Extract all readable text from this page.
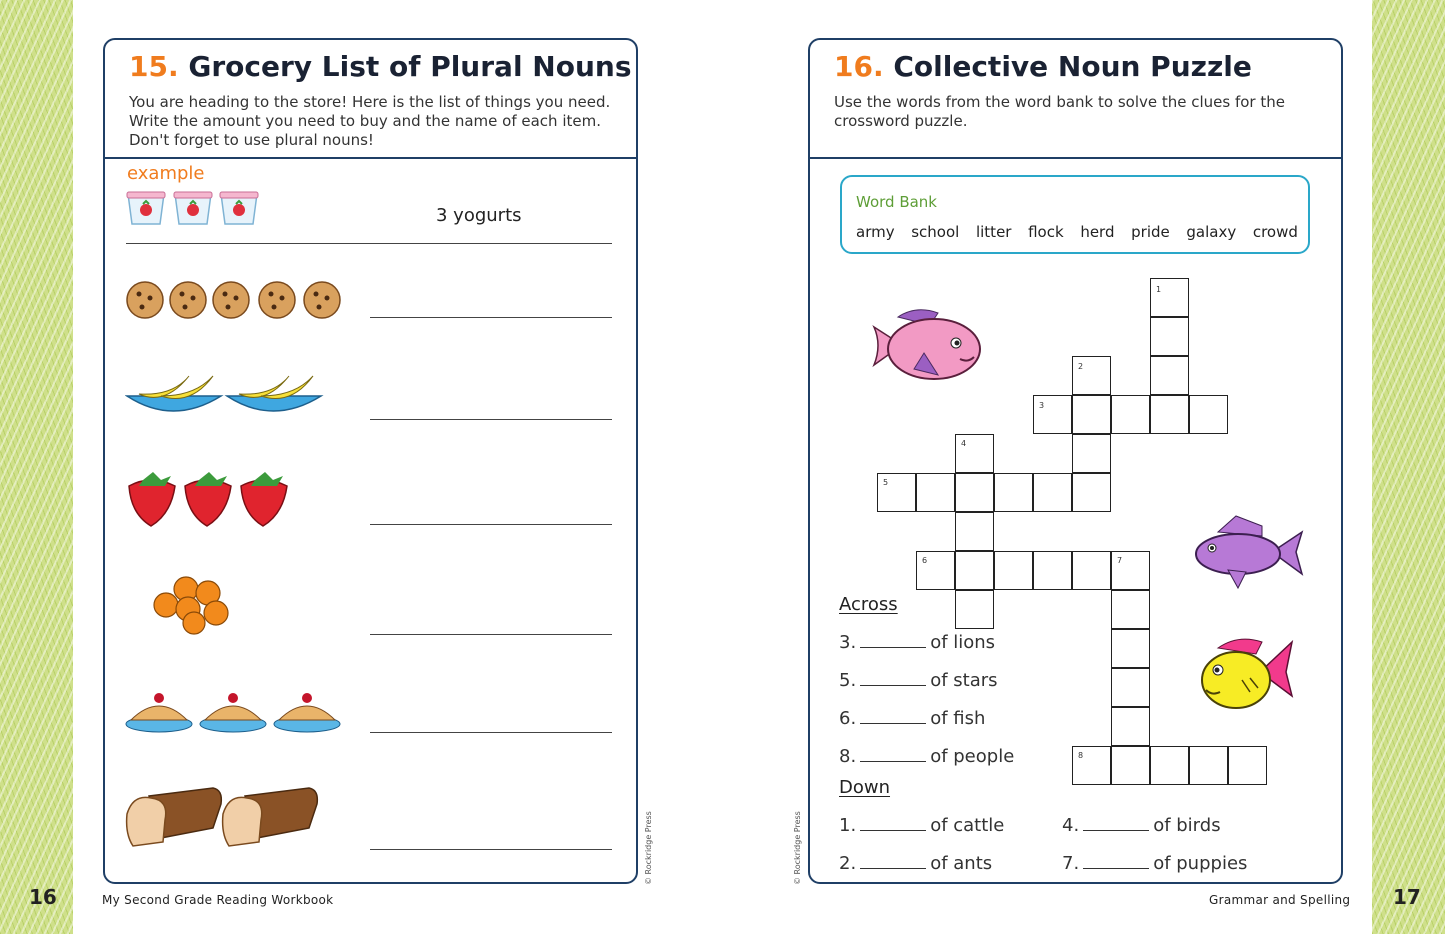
16	My Second Grade Reading Workbook	Grammar and Spelling 17
© Rockridge Press	© Rockridge Press
15. Grocery List of Plural Nouns
You are heading to the store! Here is the list of things you need. Write the amount you need to buy and the name of each item. Don't forget to use plural nouns!
example
3 yogurts
16. Collective Noun Puzzle
Use the words from the word bank to solve the clues for the crossword puzzle.
Word Bank
army school litter flock herd pride galaxy crowd
1
2
3
4
5
6	7
8
Across
3.	of lions
5.	of stars
6.	of fish
8.	of people
Down
1.	of cattle
2.	of ants
4.	of birds
7.	of puppies
